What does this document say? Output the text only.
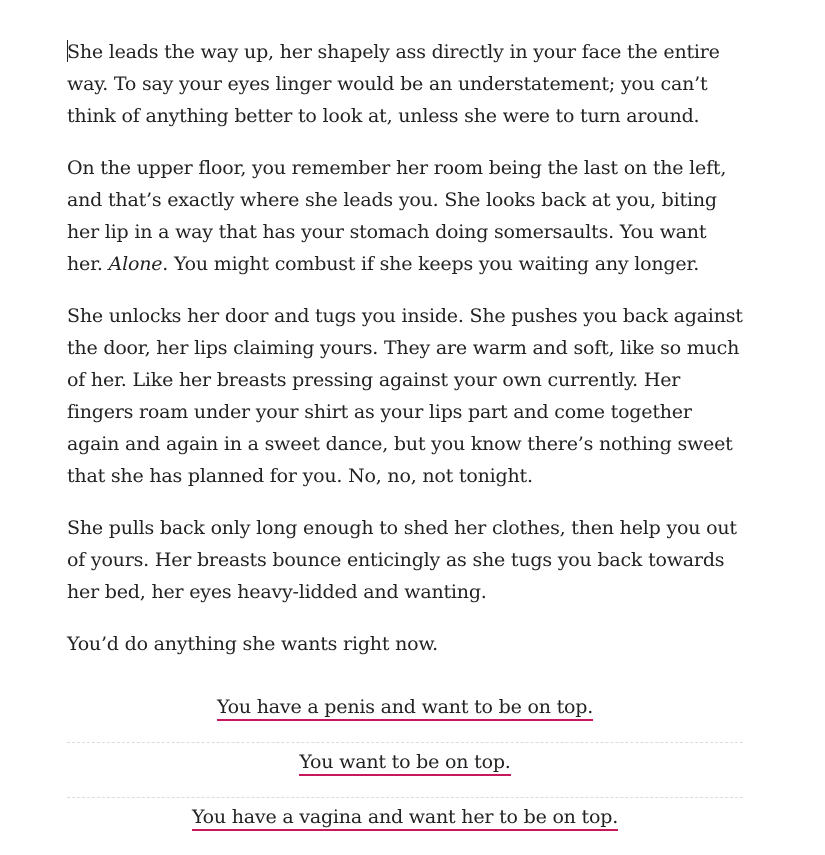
She leads the way up, her shapely ass directly in your face the entire way. To say your eyes linger would be an understatement; you can’t think of anything better to look at, unless she were to turn around.

On the upper floor, you remember her room being the last on the left, and that’s exactly where she leads you. She looks back at you, biting her lip in a way that has your stomach doing somersaults. You want her. Alone. You might combust if she keeps you waiting any longer.

She unlocks her door and tugs you inside. She pushes you back against the door, her lips claiming yours. They are warm and soft, like so much of her. Like her breasts pressing against your own currently. Her fingers roam under your shirt as your lips part and come together again and again in a sweet dance, but you know there’s nothing sweet that she has planned for you. No, no, not tonight.

She pulls back only long enough to shed her clothes, then help you out of yours. Her breasts bounce enticingly as she tugs you back towards her bed, her eyes heavy-lidded and wanting.

You’d do anything she wants right now.

You have a penis and want to be on top.
You want to be on top.
You have a vagina and want her to be on top.
